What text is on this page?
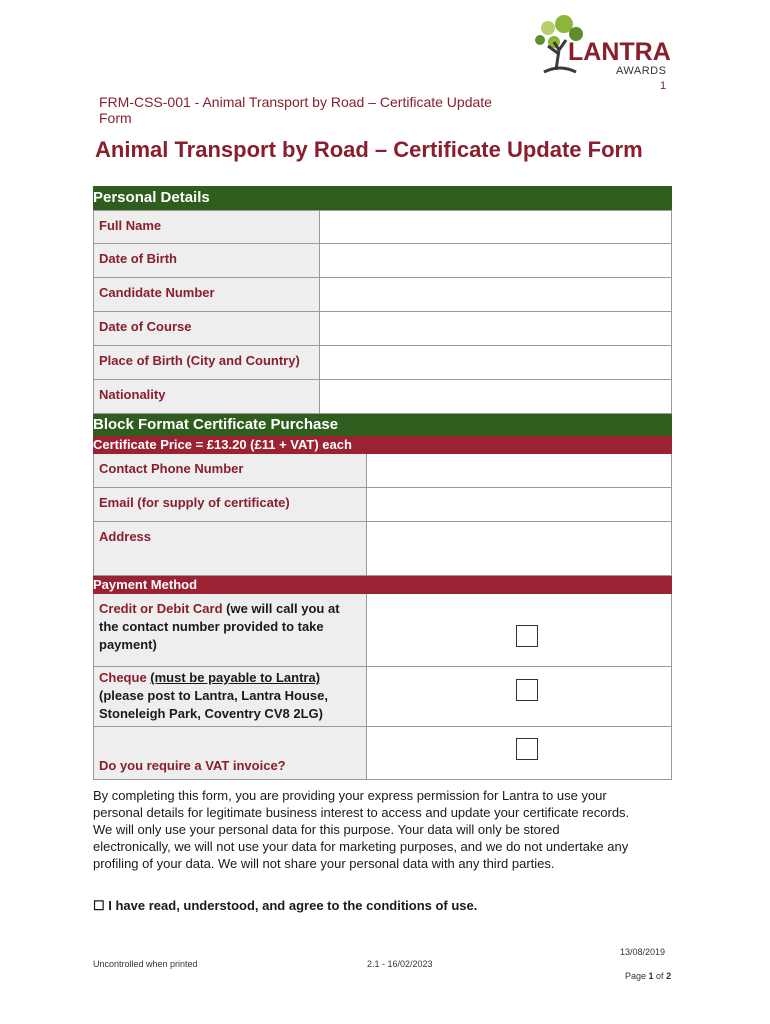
LANTRA
AWARDS
1
FRM-CSS-001 - Animal Transport by Road – Certificate Update Form
Animal Transport by Road – Certificate Update Form
Personal Details
Full Name
Date of Birth
Candidate Number
Date of Course
Place of Birth (City and Country)
Nationality
Block Format Certificate Purchase
Certificate Price = £13.20 (£11 + VAT) each
Contact Phone Number
Email (for supply of certificate)
Address
Payment Method
Credit or Debit Card (we will call you at the contact number provided to take payment)
Cheque (must be payable to Lantra)
(please post to Lantra, Lantra House, Stoneleigh Park, Coventry CV8 2LG)
Do you require a VAT invoice?
By completing this form, you are providing your express permission for Lantra to use your personal details for legitimate business interest to access and update your certificate records. We will only use your personal data for this purpose. Your data will only be stored electronically, we will not use your data for marketing purposes, and we do not undertake any profiling of your data. We will not share your personal data with any third parties.
☐ I have read, understood, and agree to the conditions of use.
13/08/2019
Uncontrolled when printed	2.1 - 16/02/2023
Page 1 of 2
